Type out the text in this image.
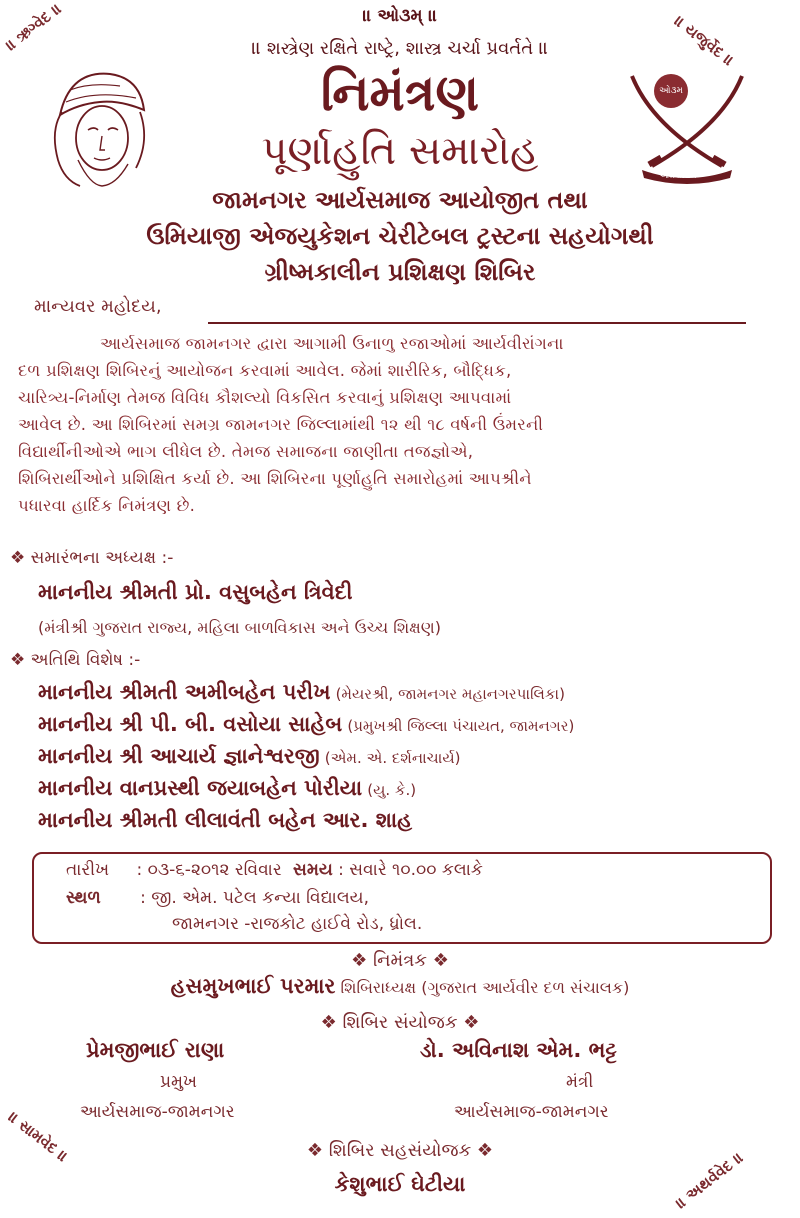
॥ ઋગ્વેદ ॥	॥ યજુર્વેદ ॥
॥ સામવેદ ॥
॥ અથર્વવેદ ॥
॥ ઓ૩મ્ ॥
॥ શસ્ત્રેણ રક્ષિતે રાષ્ટ્રે, શાસ્ત્ર ચર્ચા પ્રવર્તતે ॥
ઓ૩મ
આર્યવીર દળ
નિમંત્રણ
પૂર્ણાહુતિ સમારોહ
જામનગર આર્યસમાજ આયોજીત તથા
ઉમિયાજી એજયુકેશન ચેરીટેબલ ટ્રસ્ટના સહયોગથી
ગ્રીષ્મકાલીન પ્રશિક્ષણ શિબિર
માન્યવર મહોદય,
આર્યસમાજ જામનગર દ્વારા આગામી ઉનાળુ રજાઓમાં આર્યવીરાંગના
દળ પ્રશિક્ષણ શિબિરનું આયોજન કરવામાં આવેલ. જેમાં શારીરિક, બૌદ્ધિક,
ચારિત્ર્ય-નિર્માણ તેમજ વિવિધ કૌશલ્યો વિકસિત કરવાનું પ્રશિક્ષણ આપવામાં
આવેલ છે. આ શિબિરમાં સમગ્ર જામનગર જિલ્લામાંથી ૧૨ થી ૧૮ વર્ષની ઉંમરની
વિદ્યાર્થીનીઓએ ભાગ લીધેલ છે. તેમજ સમાજના જાણીતા તજજ્ઞોએ,
શિબિરાર્થીઓને પ્રશિક્ષિત કર્યા છે. આ શિબિરના પૂર્ણાહુતિ સમારોહમાં આપશ્રીને
પધારવા હાર્દિક નિમંત્રણ છે.
❖ સમારંભના અધ્યક્ષ :-
માનનીય શ્રીમતી પ્રો. વસુબહેન ત્રિવેદી
(મંત્રીશ્રી ગુજરાત રાજ્ય, મહિલા બાળવિકાસ અને ઉચ્ચ શિક્ષણ)
❖ અતિથિ વિશેષ :-
માનનીય શ્રીમતી અમીબહેન પરીખ (મેયરશ્રી, જામનગર મહાનગરપાલિકા)
માનનીય શ્રી પી. બી. વસોયા સાહેબ (પ્રમુખશ્રી જિલ્લા પંચાયત, જામનગર)
માનનીય શ્રી આચાર્ય જ્ઞાનેશ્વરજી (એમ. એ. દર્શનાચાર્ય)
માનનીય વાનપ્રસ્થી જયાબહેન પોરીયા (યુ. કે.)
માનનીય શ્રીમતી લીલાવંતી બહેન આર. શાહ
તારીખ : ૦૩-૬-૨૦૧૨ રવિવાર સમય : સવારે ૧૦.૦૦ કલાકે
સ્થળ : જી. એમ. પટેલ કન્યા વિદ્યાલય,
જામનગર -રાજકોટ હાઈવે રોડ, ધ્રોલ.
❖ નિમંત્રક ❖
હસમુખભાઈ પરમાર શિબિરાધ્યક્ષ (ગુજરાત આર્યવીર દળ સંચાલક)
❖ શિબિર સંયોજક ❖
પ્રેમજીભાઈ રાણા
પ્રમુખ
આર્યસમાજ-જામનગર
ડો. અવિનાશ એમ. ભટ્ટ
મંત્રી
આર્યસમાજ-જામનગર
❖ શિબિર સહસંયોજક ❖
કેશુભાઈ ઘેટીયા
